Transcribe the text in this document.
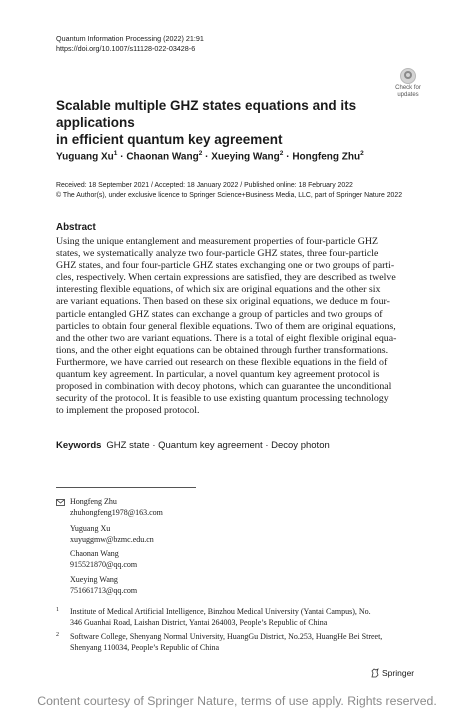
Quantum Information Processing (2022) 21:91
https://doi.org/10.1007/s11128-022-03428-6
Check for
updates
Scalable multiple GHZ states equations and its applications
in efficient quantum key agreement
Yuguang $Xu^1$ · Chaonan Wang$^2$ · Xueying Wang$^2$ · Hongfeng Zhu$^2$
Received: 18 September 2021 / Accepted: 18 January 2022 / Published online: 18 February 2022
© The Author(s), under exclusive licence to Springer Science+Business Media, LLC, part of Springer Nature 2022
Abstract
Using the unique entanglement and measurement properties of four-particle GHZ
states, we systematically analyze two four-particle GHZ states, three four-particle
GHZ states, and four four-particle GHZ states exchanging one or two groups of parti-
cles, respectively. When certain expressions are satisfied, they are described as twelve
interesting flexible equations, of which six are original equations and the other six
are variant equations. Then based on these six original equations, we deduce m four-
particle entangled GHZ states can exchange a group of particles and two groups of
particles to obtain four general flexible equations. Two of them are original equations,
and the other two are variant equations. There is a total of eight flexible original equa-
tions, and the other eight equations can be obtained through further transformations.
Furthermore, we have carried out research on these flexible equations in the field of
quantum key agreement. In particular, a novel quantum key agreement protocol is
proposed in combination with decoy photons, which can guarantee the unconditional
security of the protocol. It is feasible to use existing quantum processing technology
to implement the proposed protocol.
Keywords GHZ state · Quantum key agreement · Decoy photon
Hongfeng Zhu
zhuhongfeng1978@163.com
Yuguang Xu
xuyuggmw@bzmc.edu.cn
Chaonan Wang
915521870@qq.com
Xueying Wang
751661713@qq.com
1	Institute of Medical Artificial Intelligence, Binzhou Medical University (Yantai Campus), No.
346 Guanhai Road, Laishan District, Yantai 264003, People’s Republic of China
2	Software College, Shenyang Normal University, HuangGu District, No.253, HuangHe Bei Street,
Shenyang 110034, People’s Republic of China
Springer
Content courtesy of Springer Nature, terms of use apply. Rights reserved.
